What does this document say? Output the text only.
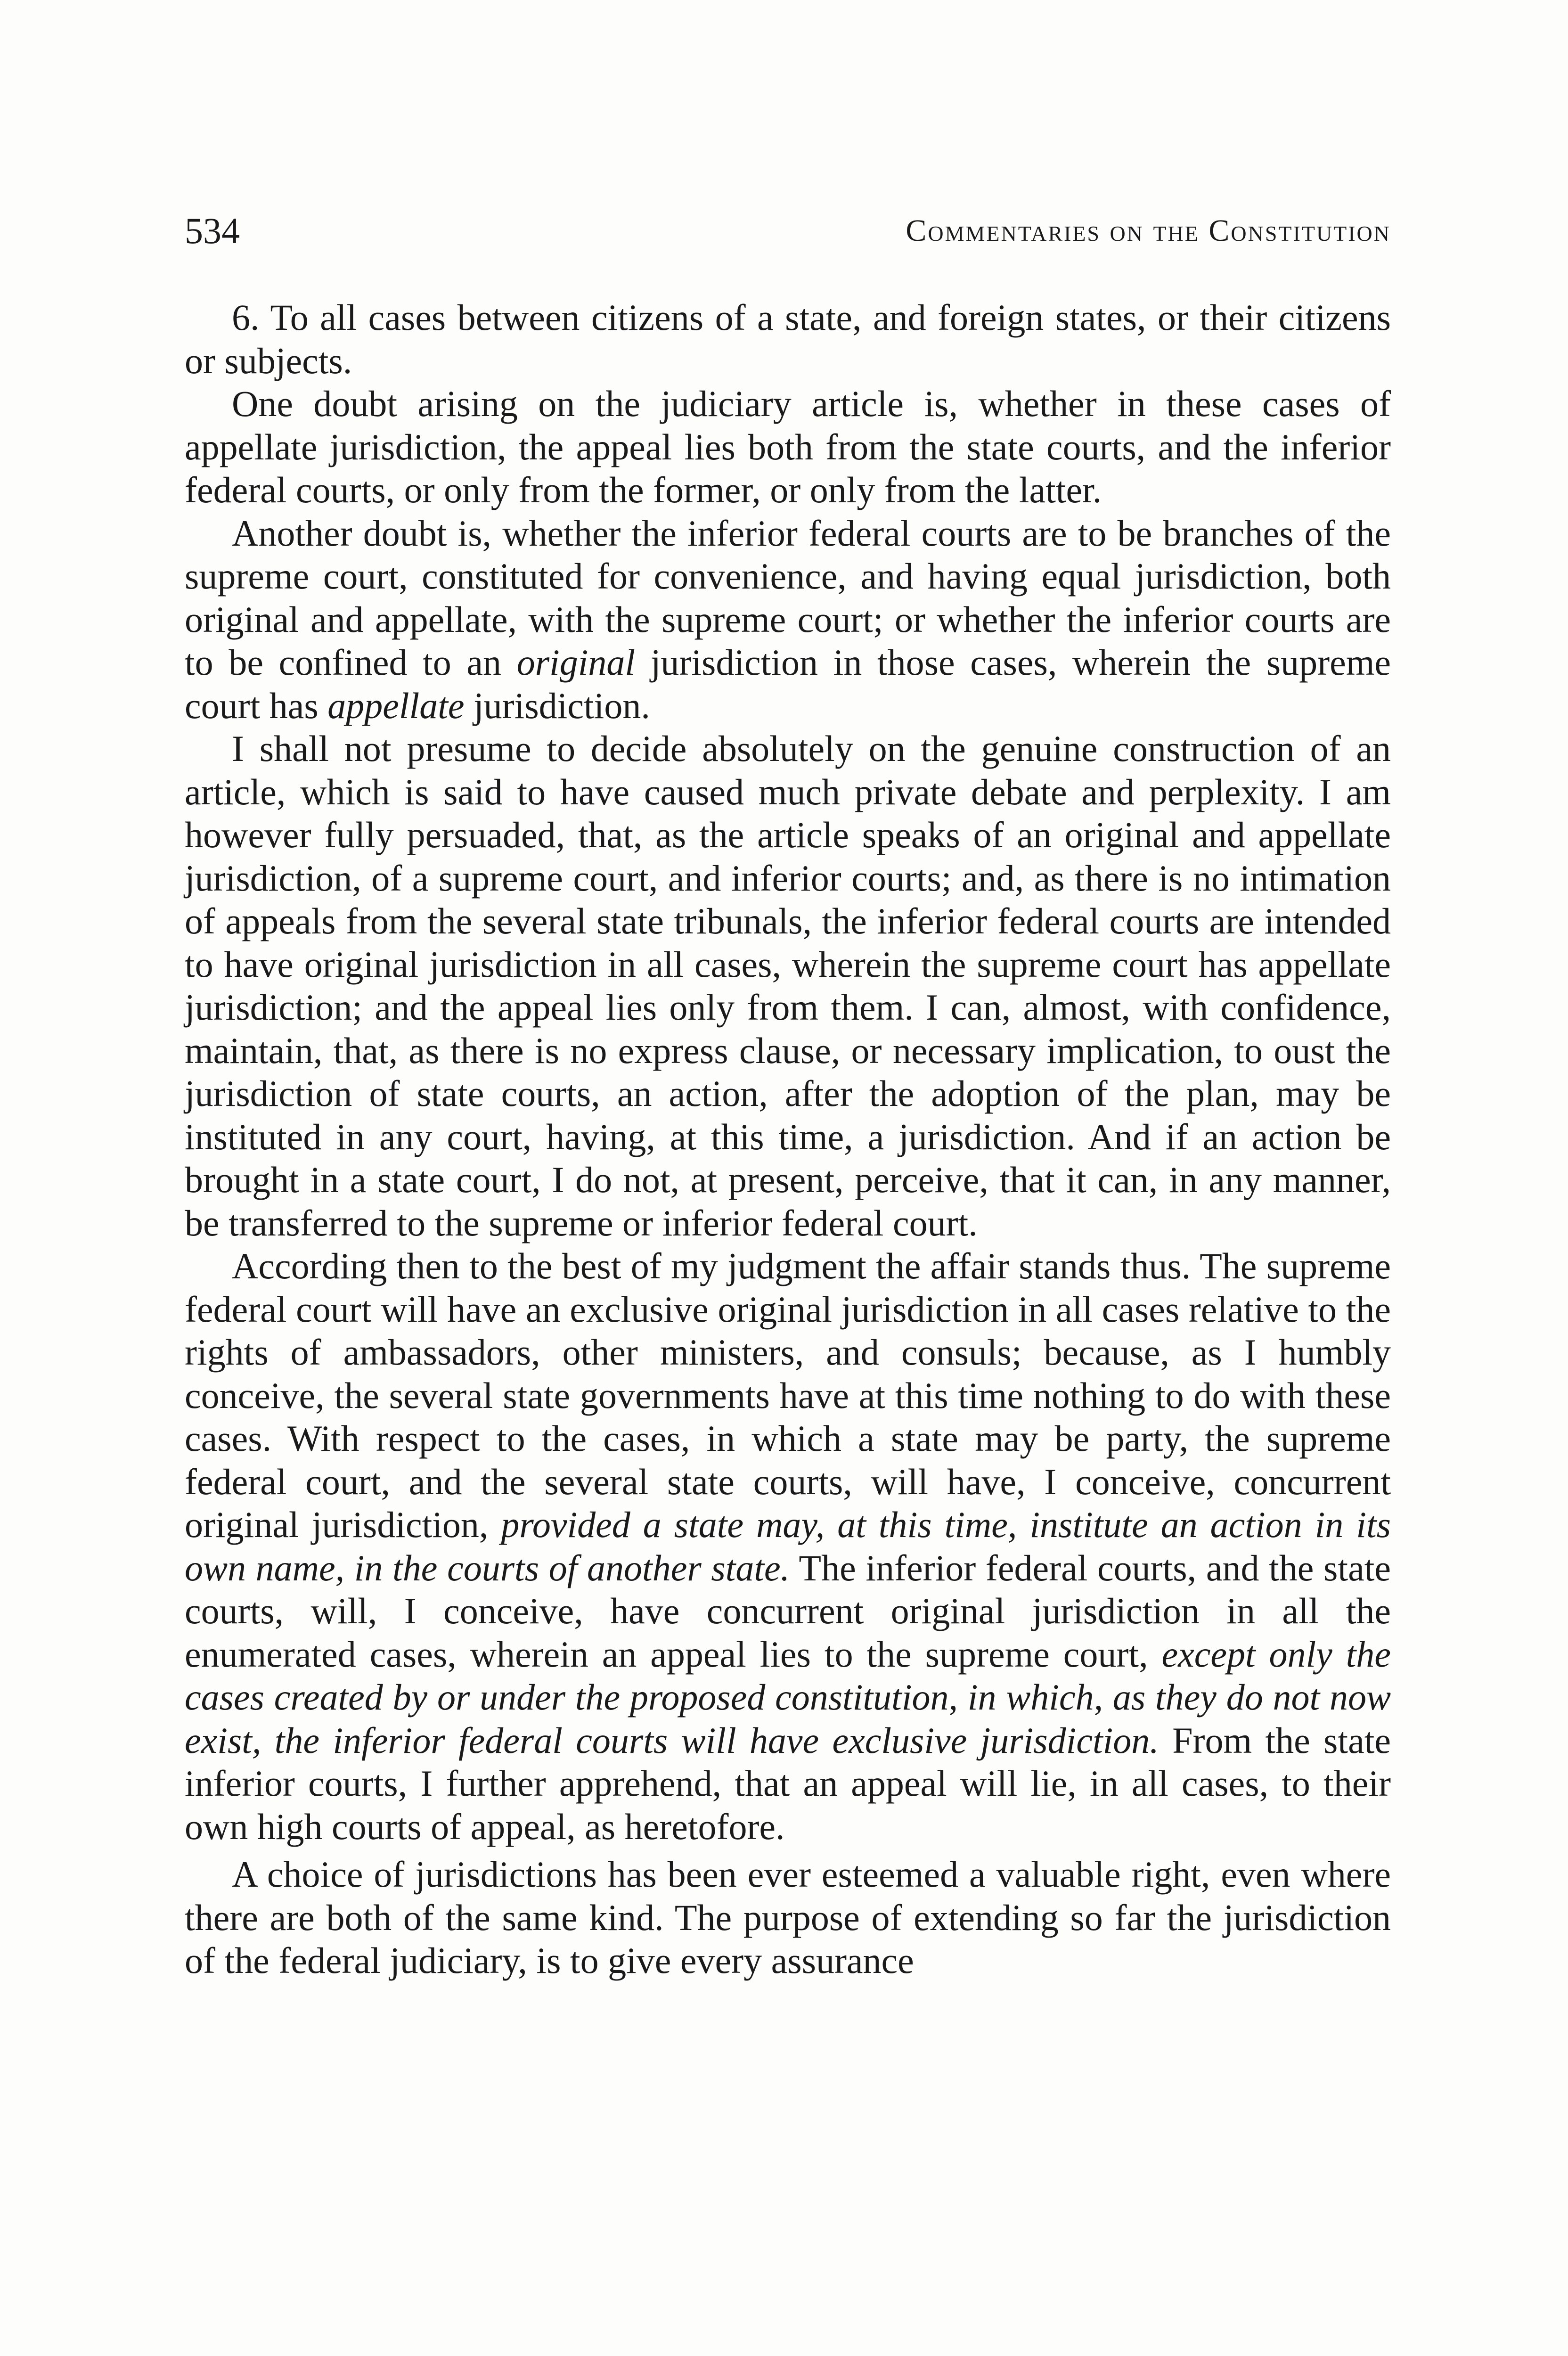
534	Commentaries on the Constitution

6. To all cases between citizens of a state, and foreign states, or their citizens or subjects.

One doubt arising on the judiciary article is, whether in these cases of appellate jurisdiction, the appeal lies both from the state courts, and the inferior federal courts, or only from the former, or only from the latter.

Another doubt is, whether the inferior federal courts are to be branches of the supreme court, constituted for convenience, and having equal jurisdiction, both original and appellate, with the supreme court; or whether the inferior courts are to be confined to an original jurisdiction in those cases, wherein the supreme court has appellate jurisdiction.

I shall not presume to decide absolutely on the genuine construction of an article, which is said to have caused much private debate and perplexity. I am however fully persuaded, that, as the article speaks of an original and appellate jurisdiction, of a supreme court, and inferior courts; and, as there is no intimation of appeals from the several state tribunals, the inferior federal courts are intended to have original jurisdiction in all cases, wherein the supreme court has appellate jurisdiction; and the appeal lies only from them. I can, almost, with confidence, maintain, that, as there is no express clause, or necessary implication, to oust the jurisdiction of state courts, an action, after the adoption of the plan, may be instituted in any court, having, at this time, a jurisdiction. And if an action be brought in a state court, I do not, at present, perceive, that it can, in any manner, be transferred to the supreme or inferior federal court.

According then to the best of my judgment the affair stands thus. The supreme federal court will have an exclusive original jurisdiction in all cases relative to the rights of ambassadors, other ministers, and consuls; because, as I humbly conceive, the several state governments have at this time nothing to do with these cases. With respect to the cases, in which a state may be party, the supreme federal court, and the several state courts, will have, I conceive, concurrent original jurisdiction, provided a state may, at this time, institute an action in its own name, in the courts of another state. The inferior federal courts, and the state courts, will, I conceive, have concurrent original jurisdiction in all the enumerated cases, wherein an appeal lies to the supreme court, except only the cases created by or under the proposed constitution, in which, as they do not now exist, the inferior federal courts will have exclusive jurisdiction. From the state inferior courts, I further apprehend, that an appeal will lie, in all cases, to their own high courts of appeal, as heretofore.

A choice of jurisdictions has been ever esteemed a valuable right, even where there are both of the same kind. The purpose of extending so far the jurisdiction of the federal judiciary, is to give every assurance
